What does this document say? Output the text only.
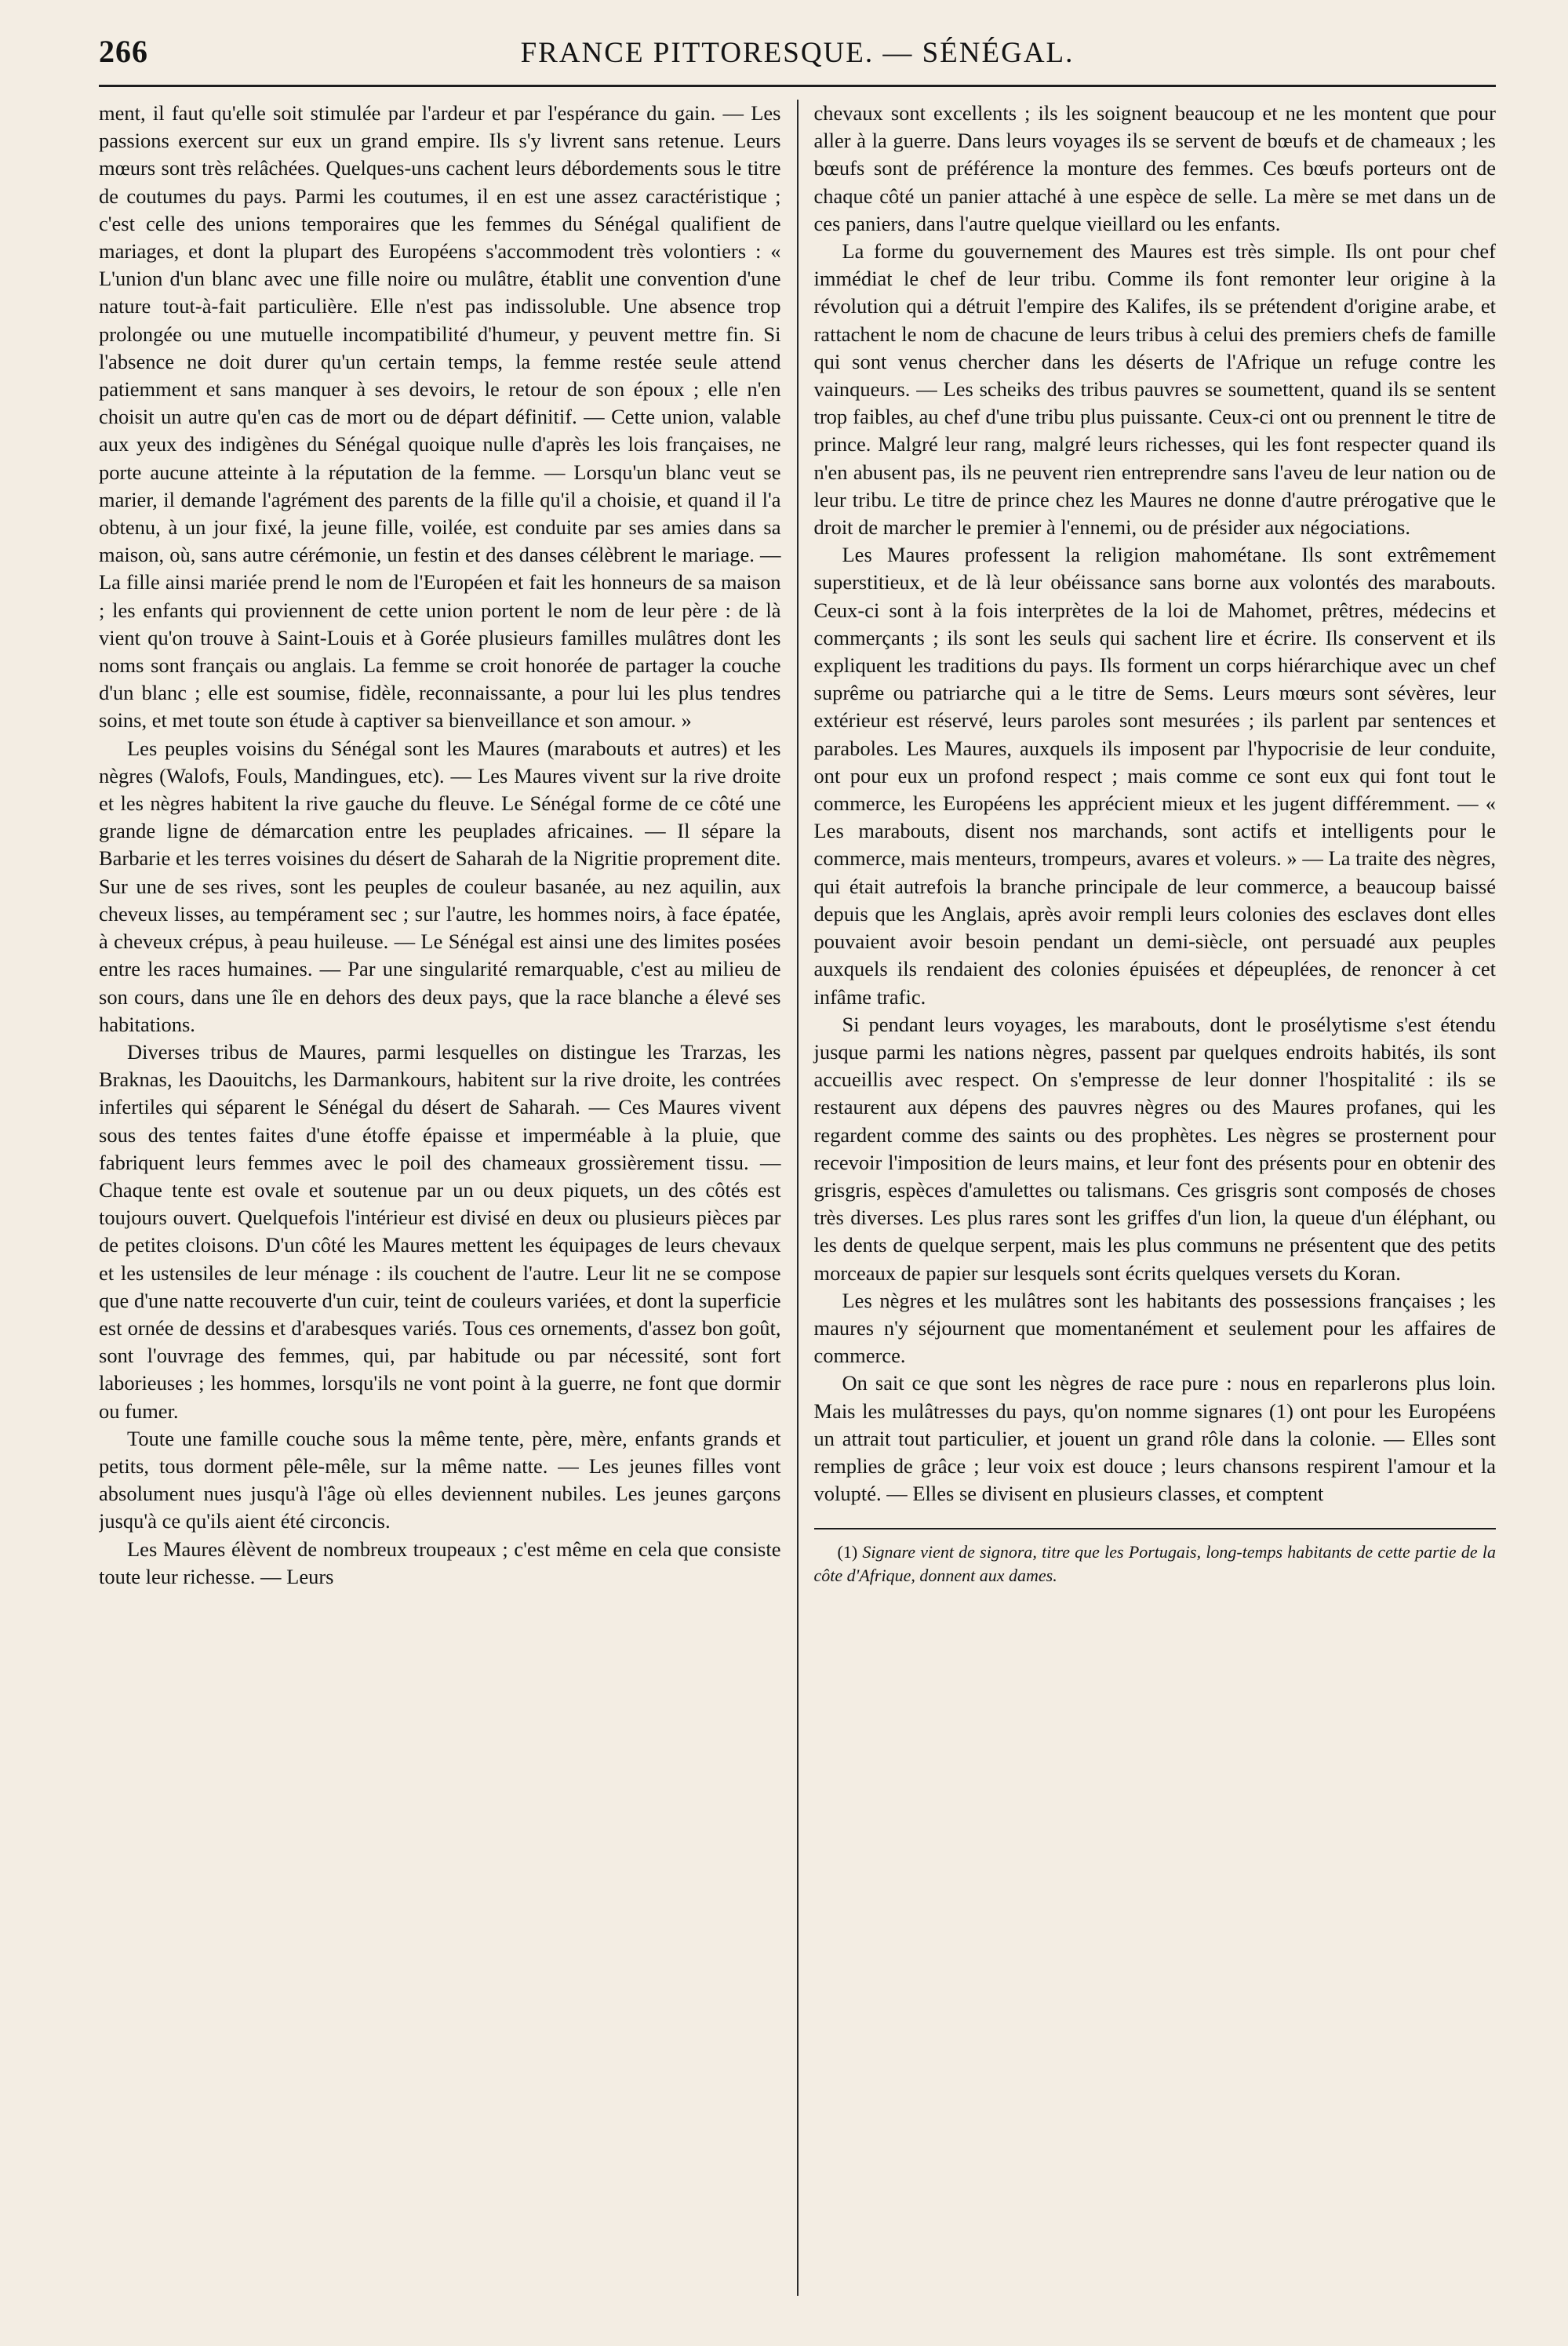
266	FRANCE PITTORESQUE. — SÉNÉGAL.

ment, il faut qu'elle soit stimulée par l'ardeur et par l'espérance du gain. — Les passions exercent sur eux un grand empire. Ils s'y livrent sans retenue. Leurs mœurs sont très relâchées. Quelques-uns cachent leurs débordements sous le titre de coutumes du pays. Parmi les coutumes, il en est une assez caractéristique ; c'est celle des unions temporaires que les femmes du Sénégal qualifient de mariages, et dont la plupart des Européens s'accommodent très volontiers : « L'union d'un blanc avec une fille noire ou mulâtre, établit une convention d'une nature tout-à-fait particulière. Elle n'est pas indissoluble. Une absence trop prolongée ou une mutuelle incompatibilité d'humeur, y peuvent mettre fin. Si l'absence ne doit durer qu'un certain temps, la femme restée seule attend patiemment et sans manquer à ses devoirs, le retour de son époux ; elle n'en choisit un autre qu'en cas de mort ou de départ définitif. — Cette union, valable aux yeux des indigènes du Sénégal quoique nulle d'après les lois françaises, ne porte aucune atteinte à la réputation de la femme. — Lorsqu'un blanc veut se marier, il demande l'agrément des parents de la fille qu'il a choisie, et quand il l'a obtenu, à un jour fixé, la jeune fille, voilée, est conduite par ses amies dans sa maison, où, sans autre cérémonie, un festin et des danses célèbrent le mariage. — La fille ainsi mariée prend le nom de l'Européen et fait les honneurs de sa maison ; les enfants qui proviennent de cette union portent le nom de leur père : de là vient qu'on trouve à Saint-Louis et à Gorée plusieurs familles mulâtres dont les noms sont français ou anglais. La femme se croit honorée de partager la couche d'un blanc ; elle est soumise, fidèle, reconnaissante, a pour lui les plus tendres soins, et met toute son étude à captiver sa bienveillance et son amour. »

Les peuples voisins du Sénégal sont les Maures (marabouts et autres) et les nègres (Walofs, Fouls, Mandingues, etc). — Les Maures vivent sur la rive droite et les nègres habitent la rive gauche du fleuve. Le Sénégal forme de ce côté une grande ligne de démarcation entre les peuplades africaines. — Il sépare la Barbarie et les terres voisines du désert de Saharah de la Nigritie proprement dite. Sur une de ses rives, sont les peuples de couleur basanée, au nez aquilin, aux cheveux lisses, au tempérament sec ; sur l'autre, les hommes noirs, à face épatée, à cheveux crépus, à peau huileuse. — Le Sénégal est ainsi une des limites posées entre les races humaines. — Par une singularité remarquable, c'est au milieu de son cours, dans une île en dehors des deux pays, que la race blanche a élevé ses habitations.

Diverses tribus de Maures, parmi lesquelles on distingue les Trarzas, les Braknas, les Daouitchs, les Darmankours, habitent sur la rive droite, les contrées infertiles qui séparent le Sénégal du désert de Saharah. — Ces Maures vivent sous des tentes faites d'une étoffe épaisse et imperméable à la pluie, que fabriquent leurs femmes avec le poil des chameaux grossièrement tissu. — Chaque tente est ovale et soutenue par un ou deux piquets, un des côtés est toujours ouvert. Quelquefois l'intérieur est divisé en deux ou plusieurs pièces par de petites cloisons. D'un côté les Maures mettent les équipages de leurs chevaux et les ustensiles de leur ménage : ils couchent de l'autre. Leur lit ne se compose que d'une natte recouverte d'un cuir, teint de couleurs variées, et dont la superficie est ornée de dessins et d'arabesques variés. Tous ces ornements, d'assez bon goût, sont l'ouvrage des femmes, qui, par habitude ou par nécessité, sont fort laborieuses ; les hommes, lorsqu'ils ne vont point à la guerre, ne font que dormir ou fumer.

Toute une famille couche sous la même tente, père, mère, enfants grands et petits, tous dorment pêle-mêle, sur la même natte. — Les jeunes filles vont absolument nues jusqu'à l'âge où elles deviennent nubiles. Les jeunes garçons jusqu'à ce qu'ils aient été circoncis.

Les Maures élèvent de nombreux troupeaux ; c'est même en cela que consiste toute leur richesse. — Leurs

chevaux sont excellents ; ils les soignent beaucoup et ne les montent que pour aller à la guerre. Dans leurs voyages ils se servent de bœufs et de chameaux ; les bœufs sont de préférence la monture des femmes. Ces bœufs porteurs ont de chaque côté un panier attaché à une espèce de selle. La mère se met dans un de ces paniers, dans l'autre quelque vieillard ou les enfants.

La forme du gouvernement des Maures est très simple. Ils ont pour chef immédiat le chef de leur tribu. Comme ils font remonter leur origine à la révolution qui a détruit l'empire des Kalifes, ils se prétendent d'origine arabe, et rattachent le nom de chacune de leurs tribus à celui des premiers chefs de famille qui sont venus chercher dans les déserts de l'Afrique un refuge contre les vainqueurs. — Les scheiks des tribus pauvres se soumettent, quand ils se sentent trop faibles, au chef d'une tribu plus puissante. Ceux-ci ont ou prennent le titre de prince. Malgré leur rang, malgré leurs richesses, qui les font respecter quand ils n'en abusent pas, ils ne peuvent rien entreprendre sans l'aveu de leur nation ou de leur tribu. Le titre de prince chez les Maures ne donne d'autre prérogative que le droit de marcher le premier à l'ennemi, ou de présider aux négociations.

Les Maures professent la religion mahométane. Ils sont extrêmement superstitieux, et de là leur obéissance sans borne aux volontés des marabouts. Ceux-ci sont à la fois interprètes de la loi de Mahomet, prêtres, médecins et commerçants ; ils sont les seuls qui sachent lire et écrire. Ils conservent et ils expliquent les traditions du pays. Ils forment un corps hiérarchique avec un chef suprême ou patriarche qui a le titre de Sems. Leurs mœurs sont sévères, leur extérieur est réservé, leurs paroles sont mesurées ; ils parlent par sentences et paraboles. Les Maures, auxquels ils imposent par l'hypocrisie de leur conduite, ont pour eux un profond respect ; mais comme ce sont eux qui font tout le commerce, les Européens les apprécient mieux et les jugent différemment. — « Les marabouts, disent nos marchands, sont actifs et intelligents pour le commerce, mais menteurs, trompeurs, avares et voleurs. » — La traite des nègres, qui était autrefois la branche principale de leur commerce, a beaucoup baissé depuis que les Anglais, après avoir rempli leurs colonies des esclaves dont elles pouvaient avoir besoin pendant un demi-siècle, ont persuadé aux peuples auxquels ils rendaient des colonies épuisées et dépeuplées, de renoncer à cet infâme trafic.

Si pendant leurs voyages, les marabouts, dont le prosélytisme s'est étendu jusque parmi les nations nègres, passent par quelques endroits habités, ils sont accueillis avec respect. On s'empresse de leur donner l'hospitalité : ils se restaurent aux dépens des pauvres nègres ou des Maures profanes, qui les regardent comme des saints ou des prophètes. Les nègres se prosternent pour recevoir l'imposition de leurs mains, et leur font des présents pour en obtenir des grisgris, espèces d'amulettes ou talismans. Ces grisgris sont composés de choses très diverses. Les plus rares sont les griffes d'un lion, la queue d'un éléphant, ou les dents de quelque serpent, mais les plus communs ne présentent que des petits morceaux de papier sur lesquels sont écrits quelques versets du Koran.

Les nègres et les mulâtres sont les habitants des possessions françaises ; les maures n'y séjournent que momentanément et seulement pour les affaires de commerce.

On sait ce que sont les nègres de race pure : nous en reparlerons plus loin. Mais les mulâtresses du pays, qu'on nomme signares (1) ont pour les Européens un attrait tout particulier, et jouent un grand rôle dans la colonie. — Elles sont remplies de grâce ; leur voix est douce ; leurs chansons respirent l'amour et la volupté. — Elles se divisent en plusieurs classes, et comptent

(1) Signare vient de signora, titre que les Portugais, long-temps habitants de cette partie de la côte d'Afrique, donnent aux dames.
